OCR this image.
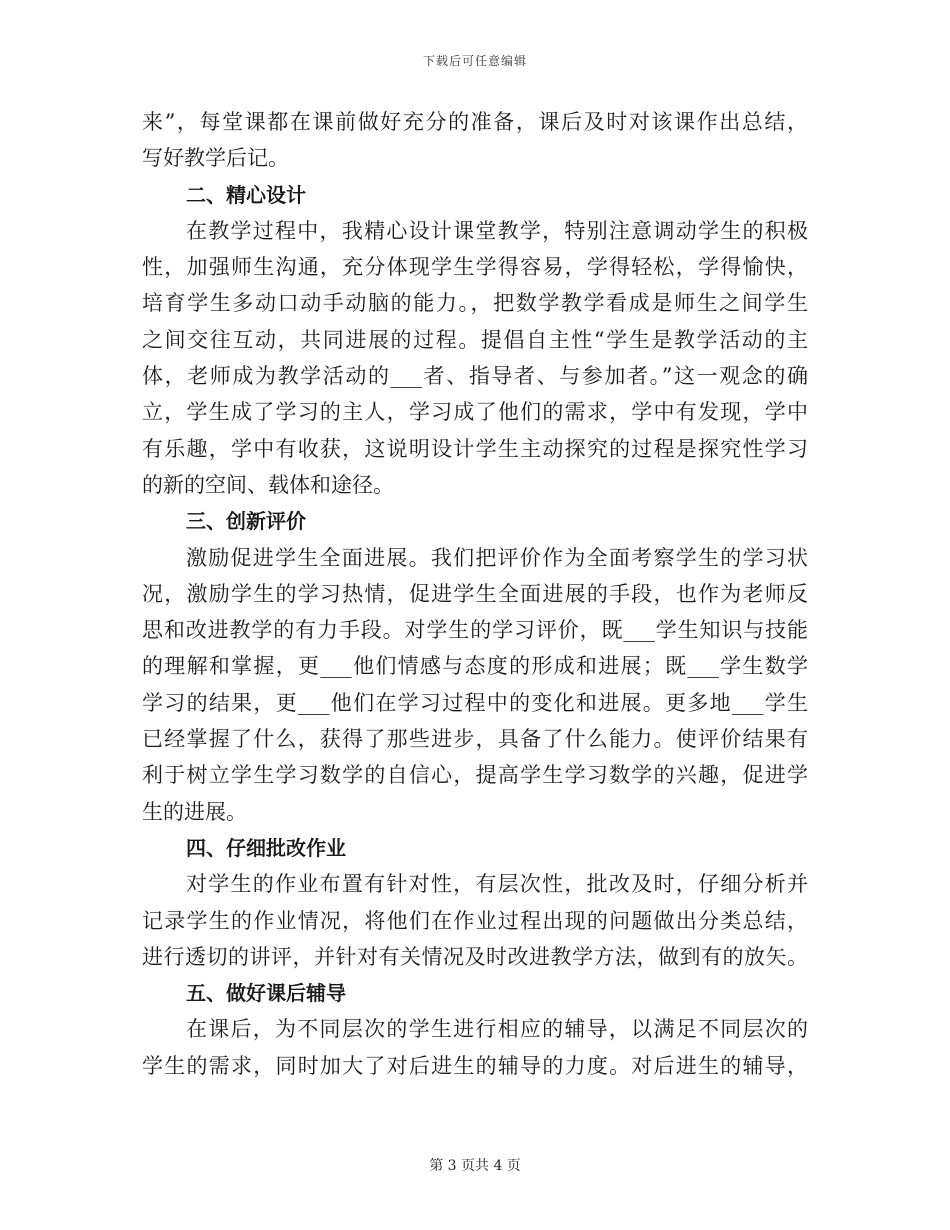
下载后可任意编辑
来”，每堂课都在课前做好充分的准备，课后及时对该课作出总结，
写好教学后记。
二、精心设计
在教学过程中，我精心设计课堂教学，特别注意调动学生的积极
性，加强师生沟通，充分体现学生学得容易，学得轻松，学得愉快，
培育学生多动口动手动脑的能力。，把数学教学看成是师生之间学生
之间交往互动，共同进展的过程。提倡自主性“学生是教学活动的主
体，老师成为教学活动的___者、指导者、与参加者。”这一观念的确
立，学生成了学习的主人，学习成了他们的需求，学中有发现，学中
有乐趣，学中有收获，这说明设计学生主动探究的过程是探究性学习
的新的空间、载体和途径。
三、创新评价
激励促进学生全面进展。我们把评价作为全面考察学生的学习状
况，激励学生的学习热情，促进学生全面进展的手段，也作为老师反
思和改进教学的有力手段。对学生的学习评价，既___学生知识与技能
的理解和掌握，更___他们情感与态度的形成和进展；既___学生数学
学习的结果，更___他们在学习过程中的变化和进展。更多地___学生
已经掌握了什么，获得了那些进步，具备了什么能力。使评价结果有
利于树立学生学习数学的自信心，提高学生学习数学的兴趣，促进学
生的进展。
四、仔细批改作业
对学生的作业布置有针对性，有层次性，批改及时，仔细分析并
记录学生的作业情况，将他们在作业过程出现的问题做出分类总结，
进行透切的讲评，并针对有关情况及时改进教学方法，做到有的放矢。
五、做好课后辅导
在课后，为不同层次的学生进行相应的辅导，以满足不同层次的
学生的需求，同时加大了对后进生的辅导的力度。对后进生的辅导，
第 3 页共 4 页
